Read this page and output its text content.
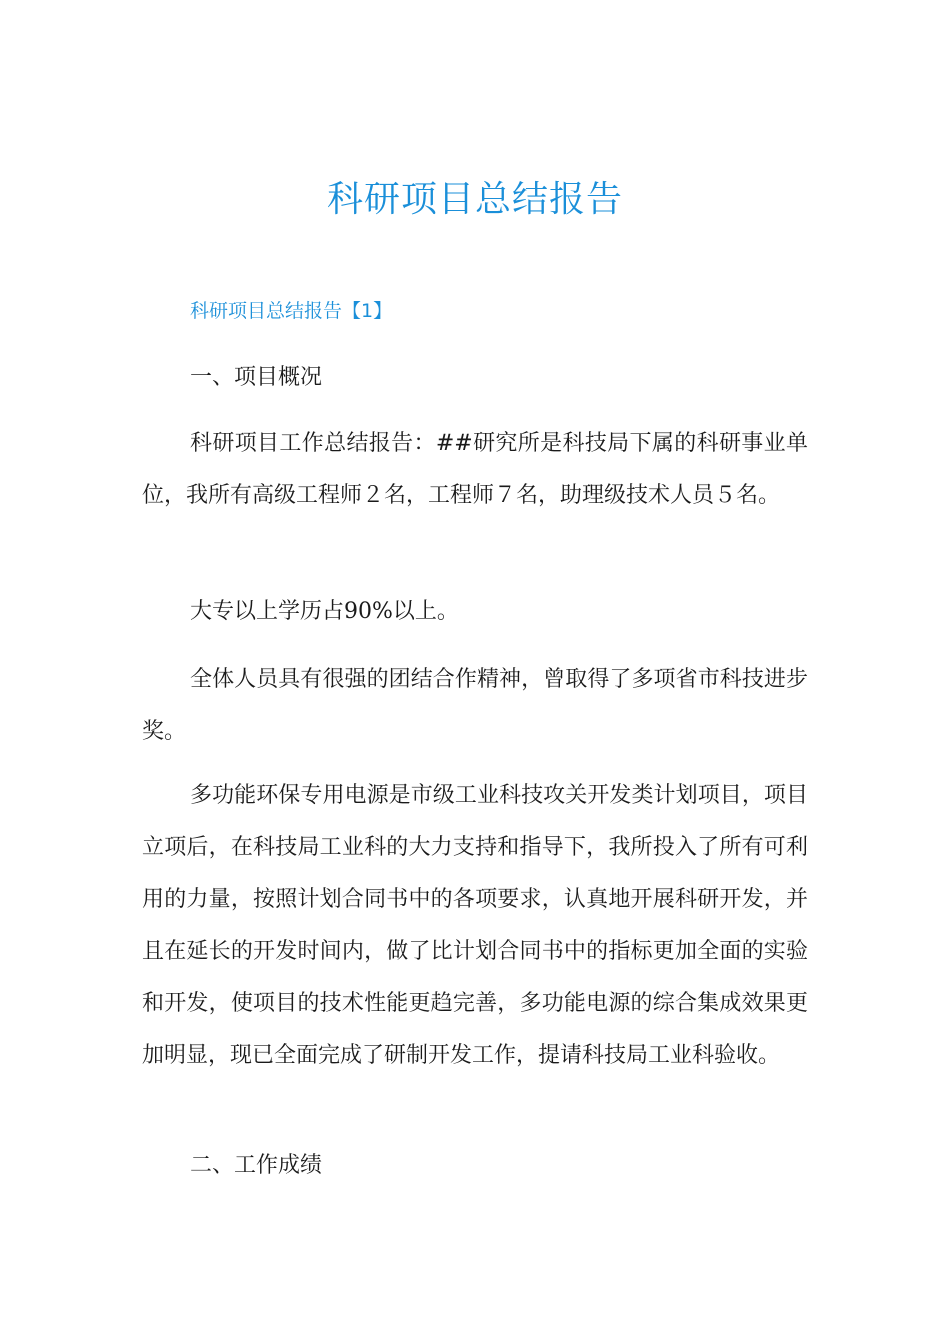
科研项目总结报告
科研项目总结报告【1】

一、项目概况

科研项目工作总结报告：##研究所是科技局下属的科研事业单位，我所有高级工程师２名，工程师７名，助理级技术人员５名。

大专以上学历占90%以上。

全体人员具有很强的团结合作精神，曾取得了多项省市科技进步奖。

多功能环保专用电源是市级工业科技攻关开发类计划项目，项目立项后，在科技局工业科的大力支持和指导下，我所投入了所有可利用的力量，按照计划合同书中的各项要求，认真地开展科研开发，并且在延长的开发时间内，做了比计划合同书中的指标更加全面的实验和开发，使项目的技术性能更趋完善，多功能电源的综合集成效果更加明显，现已全面完成了研制开发工作，提请科技局工业科验收。

二、工作成绩
